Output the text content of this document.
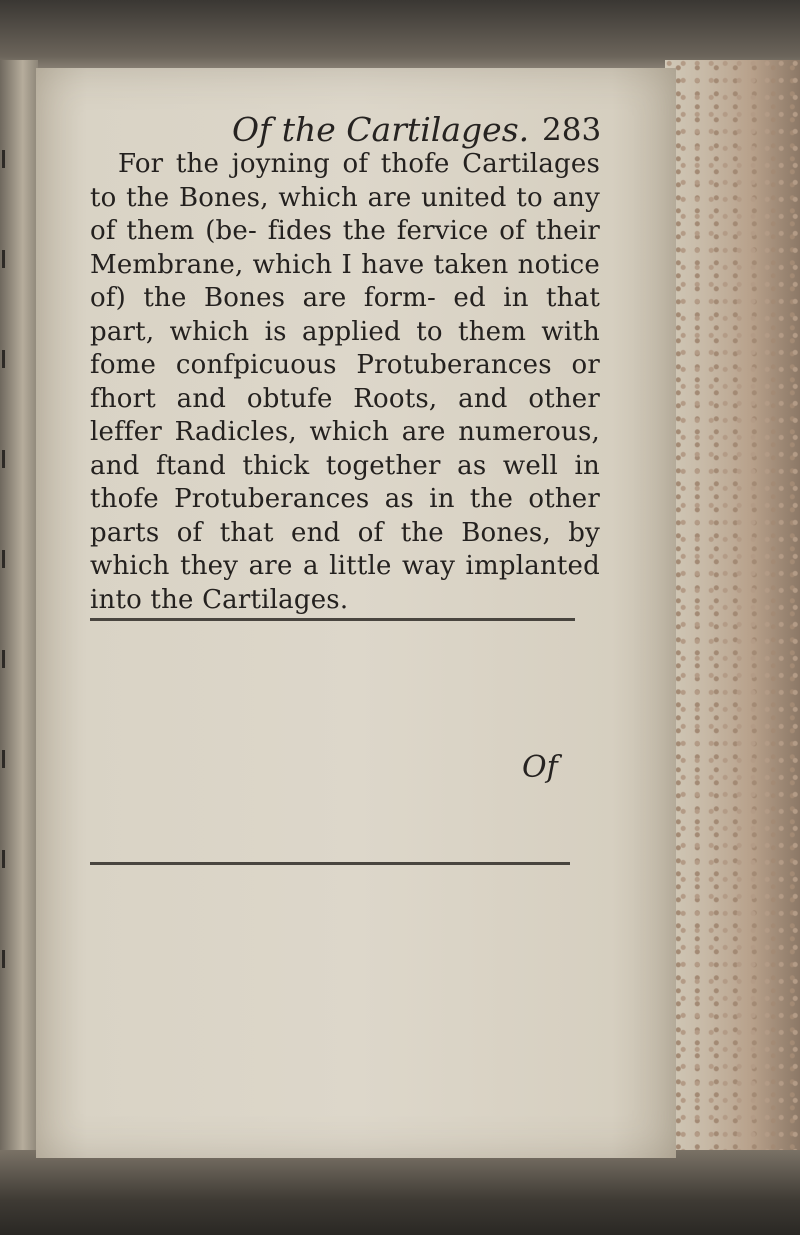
Of the Cartilages. 283
For the joyning of thofe Cartilages to the Bones, which are united to any of them (be‑ fides the fervice of their Membrane, which I have taken notice of) the Bones are form‑ ed in that part, which is applied to them with fome confpicuous Protuberances or fhort and obtufe Roots, and other leffer Radicles, which are numerous, and ftand thick together as well in thofe Protuberances as in the other parts of that end of the Bones, by which they are a little way implanted into the Cartilages.
Of
